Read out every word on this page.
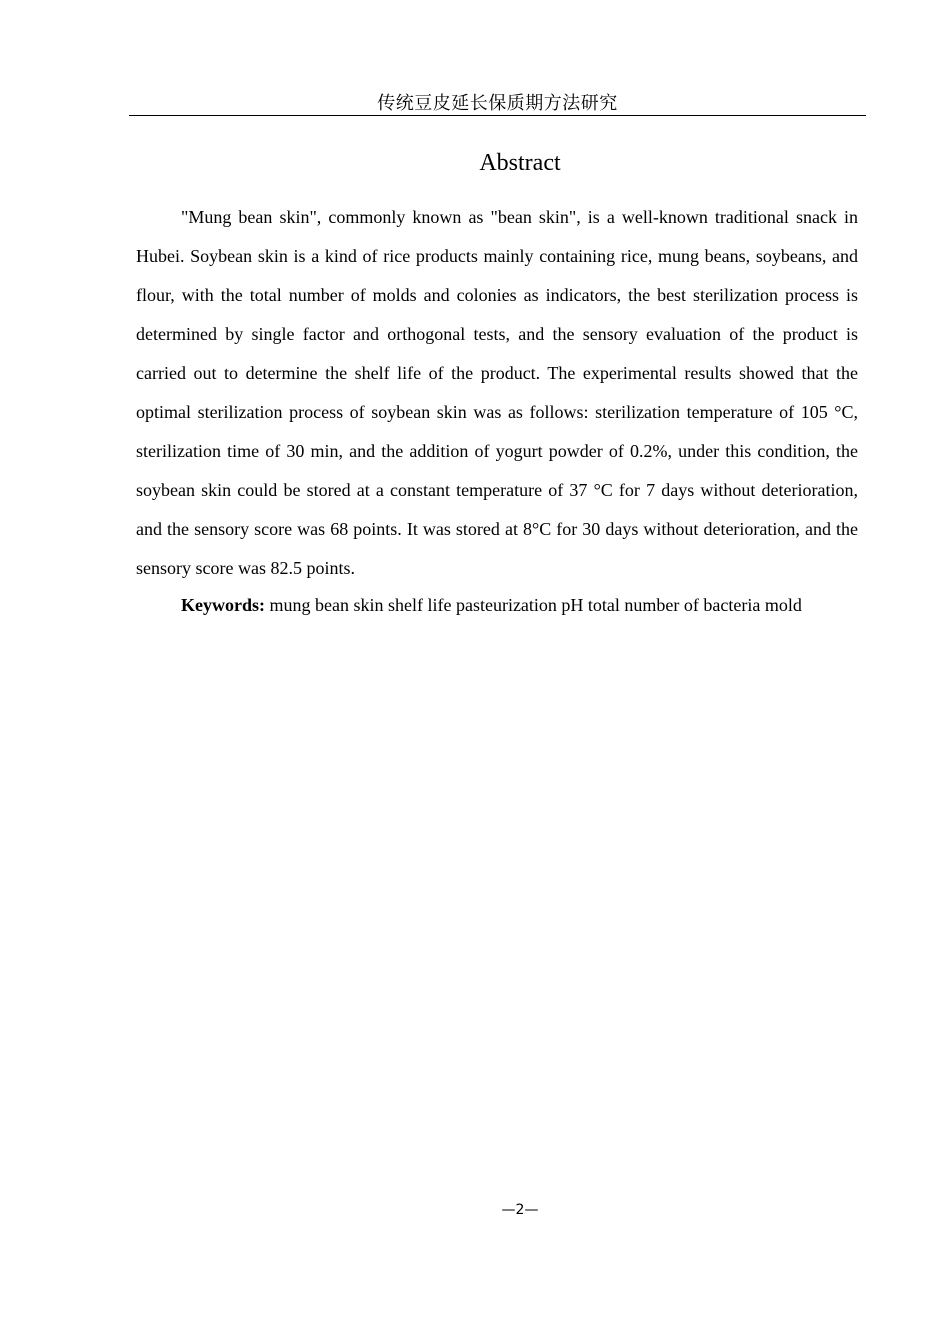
传统豆皮延长保质期方法研究
Abstract

"Mung bean skin", commonly known as "bean skin", is a well-known traditional snack in Hubei. Soybean skin is a kind of rice products mainly containing rice, mung beans, soybeans, and flour, with the total number of molds and colonies as indicators, the best sterilization process is determined by single factor and orthogonal tests, and the sensory evaluation of the product is carried out to determine the shelf life of the product. The experimental results showed that the optimal sterilization process of soybean skin was as follows: sterilization temperature of 105 °C, sterilization time of 30 min, and the addition of yogurt powder of 0.2%, under this condition, the soybean skin could be stored at a constant temperature of 37 °C for 7 days without deterioration, and the sensory score was 68 points. It was stored at 8°C for 30 days without deterioration, and the sensory score was 82.5 points.

Keywords: mung bean skin shelf life pasteurization pH total number of bacteria mold

—2—
